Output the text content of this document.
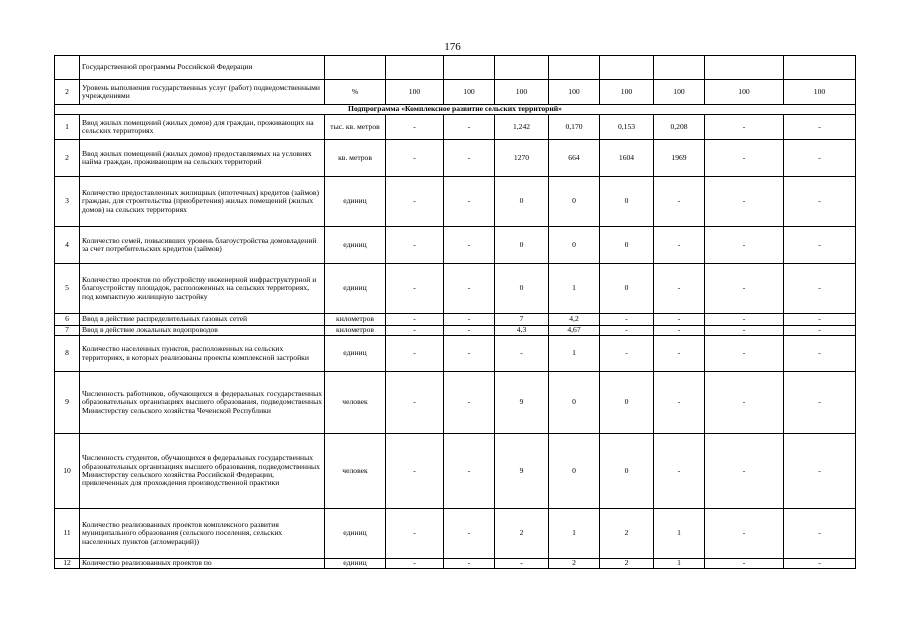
176
	Государственной программы Российской Федерации									
2	Уровень выполнения государственных услуг (работ) подведомственными учреждениями	%	100	100	100	100	100	100	100	100
Подпрограмма «Комплексное развитие сельских территорий»										
1	Ввод жилых помещений (жилых домов) для граждан, проживающих на сельских территориях	тыс. кв. метров	-	-	1,242	0,170	0,153	0,208	-	-
2	Ввод жилых помещений (жилых домов) предоставляемых на условиях найма граждан, проживающим на сельских территорий	кв. метров	-	-	1270	664	1604	1969	-	-
3	Количество предоставленных жилищных (ипотечных) кредитов (займов) граждан, для строительства (приобретения) жилых помещений (жилых домов) на сельских территориях	единиц	-	-	0	0	0	-	-	-
4	Количество семей, повысивших уровень благоустройства домовладений за счет потребительских кредитов (займов)	единиц	-	-	0	0	0	-	-	-
5	Количество проектов по обустройству инженерной инфраструктурной и благоустройству площадок, расположенных на сельских территориях, под компактную жилищную застройку	единиц	-	-	0	1	0	-	-	-
6	Ввод в действие распределительных газовых сетей	километров	-	-	7	4,2	-	-	-	-
7	Ввод в действие локальных водопроводов	километров	-	-	4,3	4,67	-	-	-	-
8	Количество населенных пунктов, расположенных на сельских территориях, в которых реализованы проекты комплексной застройки	единиц	-	-	-	1	-	-	-	-
9	Численность работников, обучающихся в федеральных государственных образовательных организациях высшего образования, подведомственных Министерству сельского хозяйства Чеченской Республики	человек	-	-	9	0	0	-	-	-
10	Численность студентов, обучающихся в федеральных государственных образовательных организациях высшего образования, подведомственных Министерству сельского хозяйства Российской Федерации, привлеченных для прохождения производственной практики	человек	-	-	9	0	0	-	-	-
11	Количество реализованных проектов комплексного развития муниципального образования (сельского поселения, сельских населенных пунктов (агломераций))	единиц	-	-	2	1	2	1	-	-
12	Количество реализованных проектов по	единиц	-	-	-	2	2	1	-	-
